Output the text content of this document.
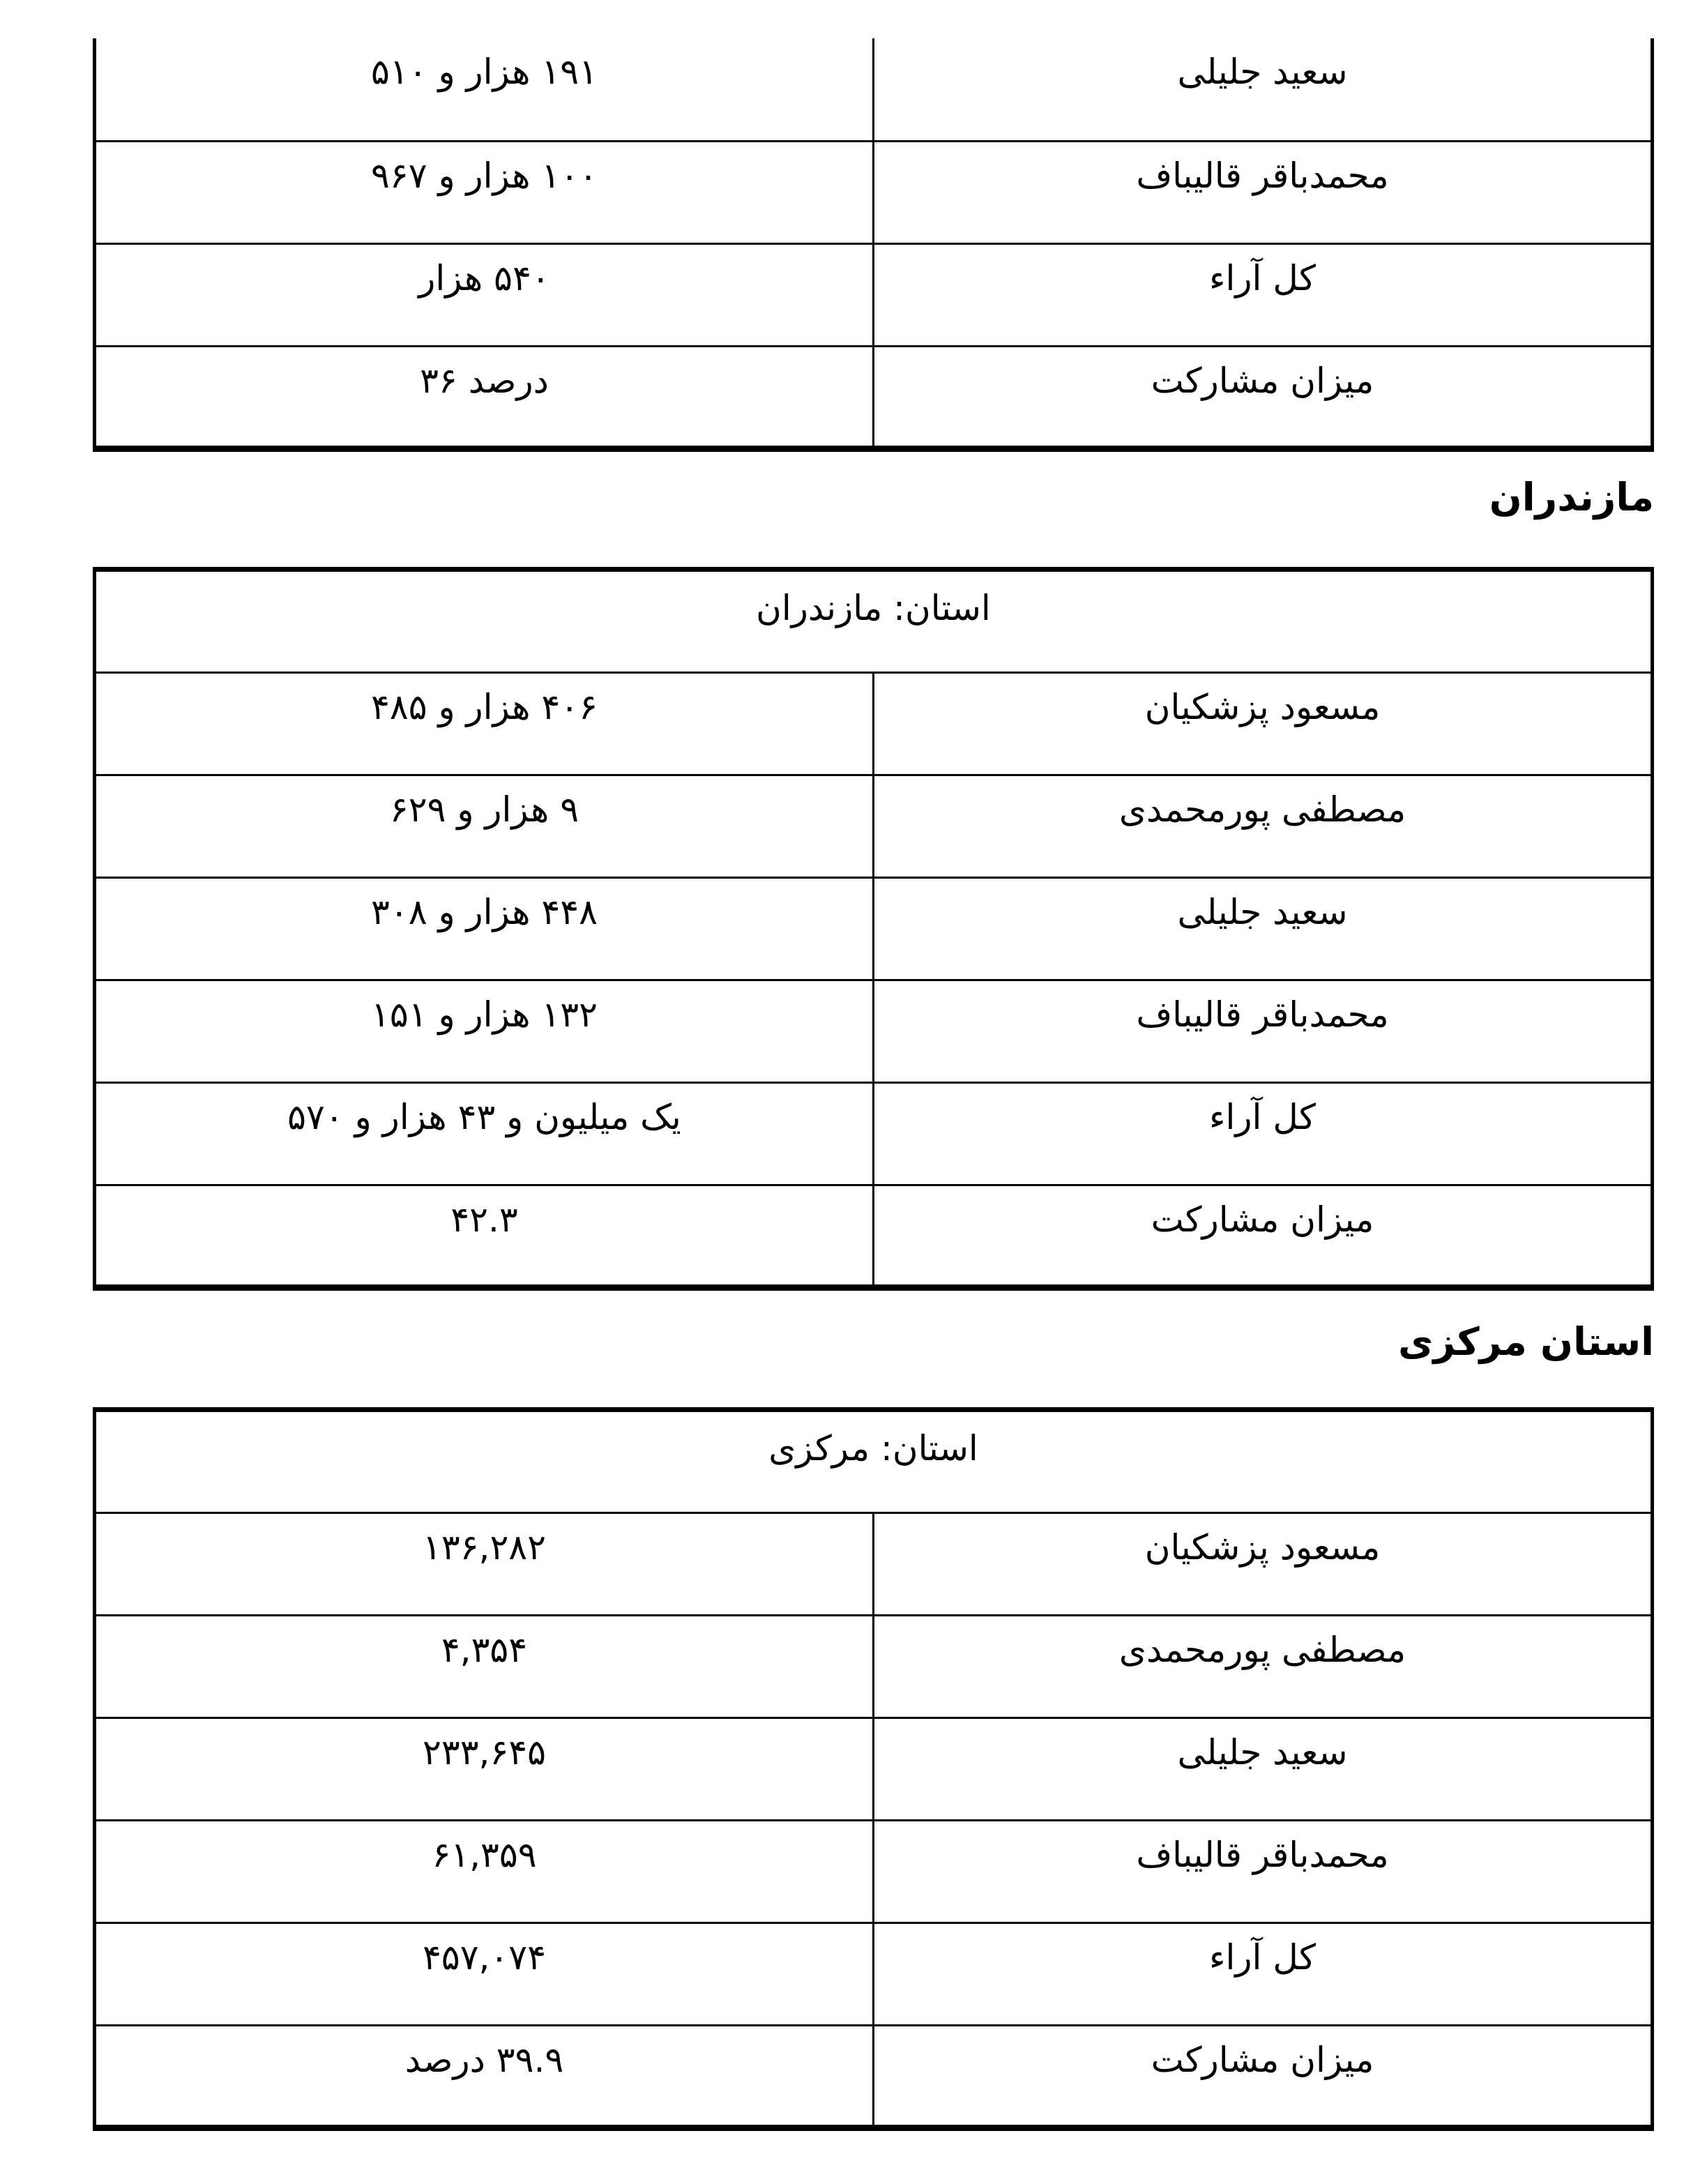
سعید جلیلی	۱۹۱ هزار و ۵۱۰
محمدباقر قالیباف	۱۰۰ هزار و ۹۶۷
کل آراء	۵۴۰ هزار
میزان مشارکت	درصد ۳۶
مازندران
استان: مازندران	
مسعود پزشکیان	۴۰۶ هزار و ۴۸۵
مصطفی پورمحمدی	۹ هزار و ۶۲۹
سعید جلیلی	۴۴۸ هزار و ۳۰۸
محمدباقر قالیباف	۱۳۲ هزار و ۱۵۱
کل آراء	یک میلیون و ۴۳ هزار و ۵۷۰
میزان مشارکت	۴۲.۳
استان مرکزی
استان: مرکزی	
مسعود پزشکیان	۱۳۶,۲۸۲
مصطفی پورمحمدی	۴,۳۵۴
سعید جلیلی	۲۳۳,۶۴۵
محمدباقر قالیباف	۶۱,۳۵۹
کل آراء	۴۵۷,۰۷۴
میزان مشارکت	۳۹.۹ درصد
